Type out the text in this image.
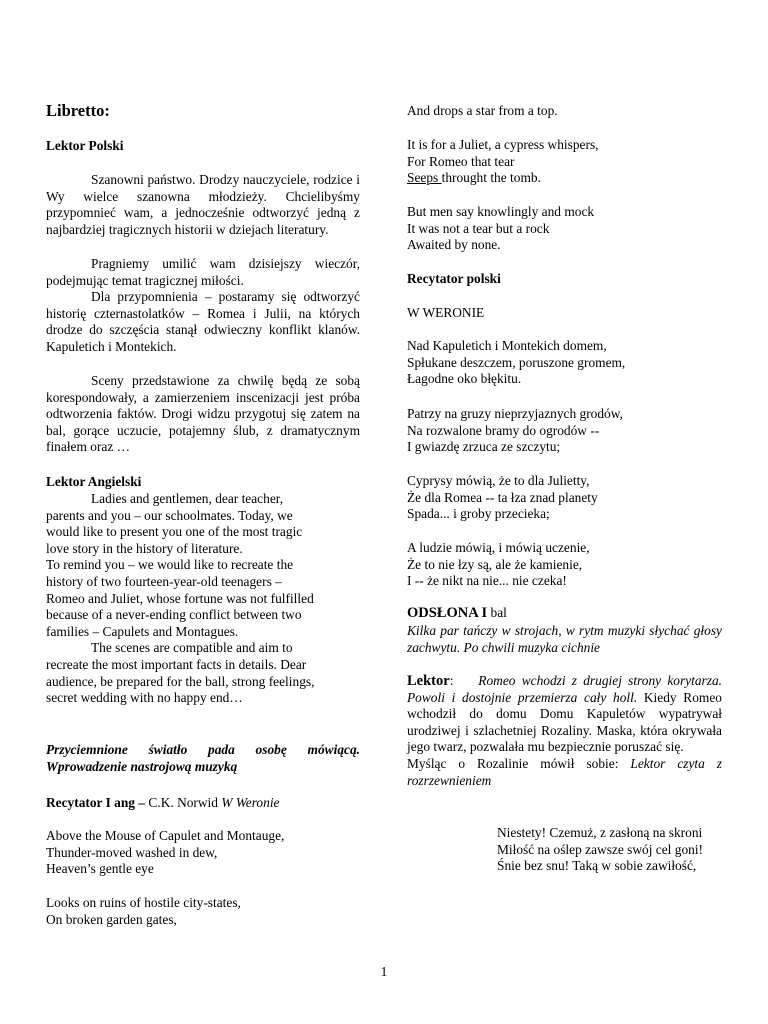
Libretto:

Lektor Polski

Szanowni państwo. Drodzy nauczyciele, rodzice i Wy wielce szanowna młodzieży. Chcielibyśmy przypomnieć wam, a jednocześnie odtworzyć jedną z najbardziej tragicznych historii w dziejach literatury.

Pragniemy umilić wam dzisiejszy wieczór, podejmując temat tragicznej miłości.

Dla przypomnienia – postaramy się odtworzyć historię czternastolatków – Romea i Julii, na których drodze do szczęścia stanął odwieczny konflikt klanów. Kapuletich i Montekich.

Sceny przedstawione za chwilę będą ze sobą korespondowały, a zamierzeniem inscenizacji jest próba odtworzenia faktów. Drogi widzu przygotuj się zatem na bal, gorące uczucie, potajemny ślub, z dramatycznym finałem oraz …

Lektor Angielski

Ladies and gentlemen, dear teacher,
parents and you – our schoolmates. Today, we
would like to present you one of the most tragic
love story in the history of literature.
To remind you – we would like to recreate the
history of two fourteen-year-old teenagers –
Romeo and Juliet, whose fortune was not fulfilled
because of a never-ending conflict between two
families – Capulets and Montagues.
The scenes are compatible and aim to
recreate the most important facts in details. Dear
audience, be prepared for the ball, strong feelings,
secret wedding with no happy end…

Przyciemnione światło pada osobę mówiącą. Wprowadzenie nastrojową muzyką

Recytator I ang – C.K. Norwid W Weronie

Above the Mouse of Capulet and Montauge,
Thunder-moved washed in dew,
Heaven’s gentle eye
Looks on ruins of hostile city-states,
On broken garden gates,

And drops a star from a top.

It is for a Juliet, a cypress whispers,
For Romeo that tear
Seeps throught the tomb.
But men say knowlingly and mock
It was not a tear but a rock
Awaited by none.

Recytator polski

W WERONIE

Nad Kapuletich i Montekich domem,
Spłukane deszczem, poruszone gromem,
Łagodne oko błękitu.
Patrzy na gruzy nieprzyjaznych grodów,
Na rozwalone bramy do ogrodów --
I gwiazdę zrzuca ze szczytu;
Cyprysy mówią, że to dla Julietty,
Że dla Romea -- ta łza znad planety
Spada... i groby przecieka;
A ludzie mówią, i mówią uczenie,
Że to nie łzy są, ale że kamienie,
I -- że nikt na nie... nie czeka!

ODSŁONA I bal

Kilka par tańczy w strojach, w rytm muzyki słychać głosy zachwytu. Po chwili muzyka cichnie

Lektor: Romeo wchodzi z drugiej strony korytarza. Powoli i dostojnie przemierza cały holl. Kiedy Romeo wchodził do domu Domu Kapuletów wypatrywał urodziwej i szlachetniej Rozaliny. Maska, która okrywała jego twarz, pozwalała mu bezpiecznie poruszać się.
Myśląc o Rozalinie mówił sobie: Lektor czyta z rozrzewnieniem

Niestety! Czemuż, z zasłoną na skroni

Miłość na oślep zawsze swój cel goni!

Śnie bez snu! Taką w sobie zawiłość,

1
